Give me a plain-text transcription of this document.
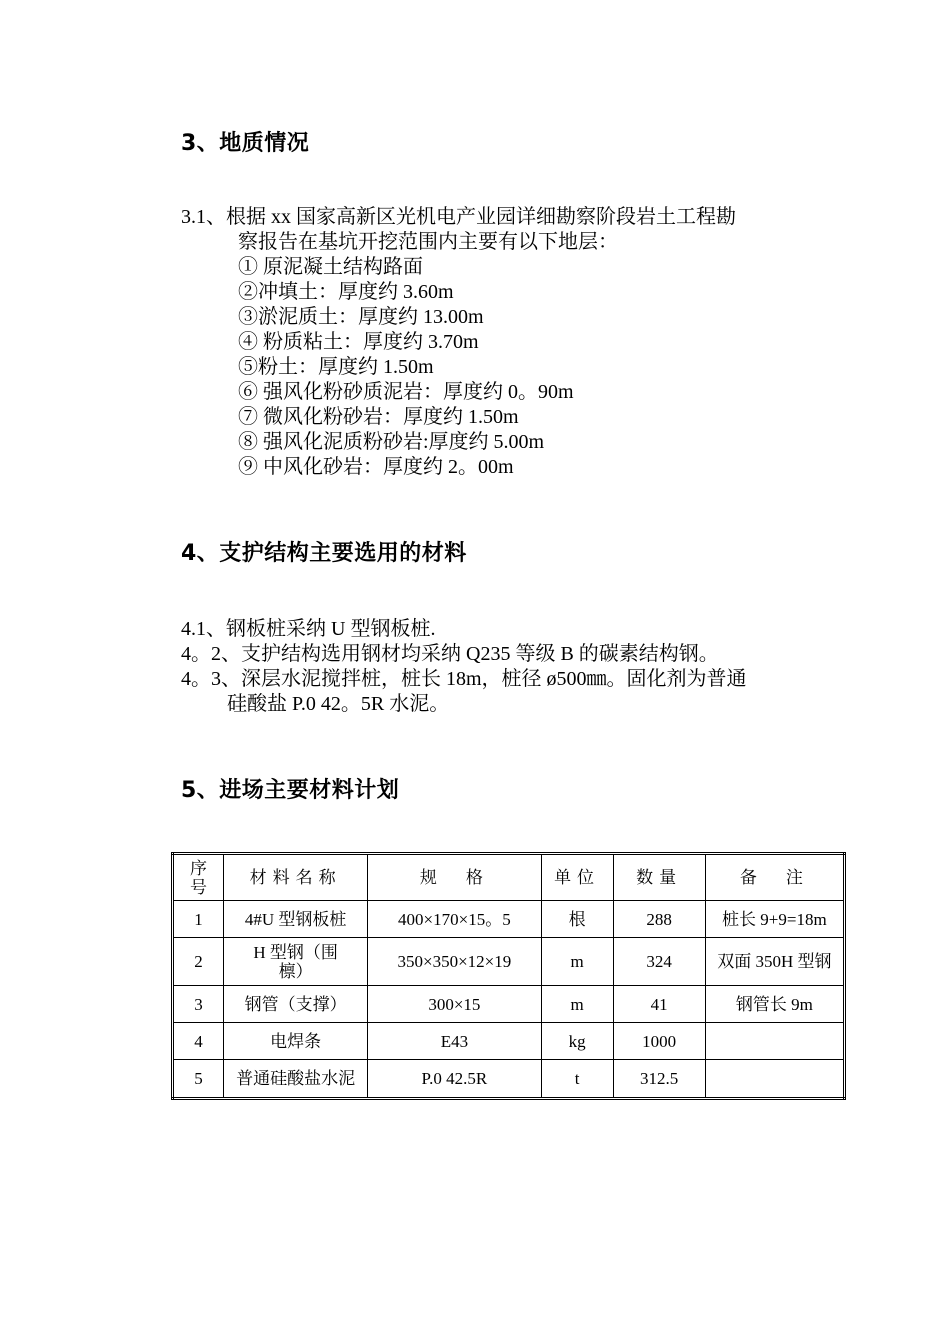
3、地质情况
3.1、根据 xx 国家高新区光机电产业园详细勘察阶段岩土工程勘
察报告在基坑开挖范围内主要有以下地层：
① 原泥凝土结构路面
②冲填土：厚度约 3.60m
③淤泥质土：厚度约 13.00m
④ 粉质粘土：厚度约 3.70m
⑤粉土：厚度约 1.50m
⑥ 强风化粉砂质泥岩：厚度约 0。90m
⑦ 微风化粉砂岩：厚度约 1.50m
⑧ 强风化泥质粉砂岩:厚度约 5.00m
⑨ 中风化砂岩：厚度约 2。00m
4、支护结构主要选用的材料
4.1、钢板桩采纳 U 型钢板桩.
4。2、支护结构选用钢材均采纳 Q235 等级 B 的碳素结构钢。
4。3、深层水泥搅拌桩，桩长 18m，桩径 ø500㎜。固化剂为普通
硅酸盐 P.0 42。5R 水泥。
5、进场主要材料计划
序号	材料名称	规　格	单位	数量	备　注
1	4#U 型钢板桩	400×170×15。5	根	288	桩长 9+9=18m
2	H 型钢（围檩）	350×350×12×19	m	324	双面 350H 型钢
3	钢管（支撑）	300×15	m	41	钢管长 9m
4	电焊条	E43	kg	1000	
5	普通硅酸盐水泥	P.0 42.5R	t	312.5	
